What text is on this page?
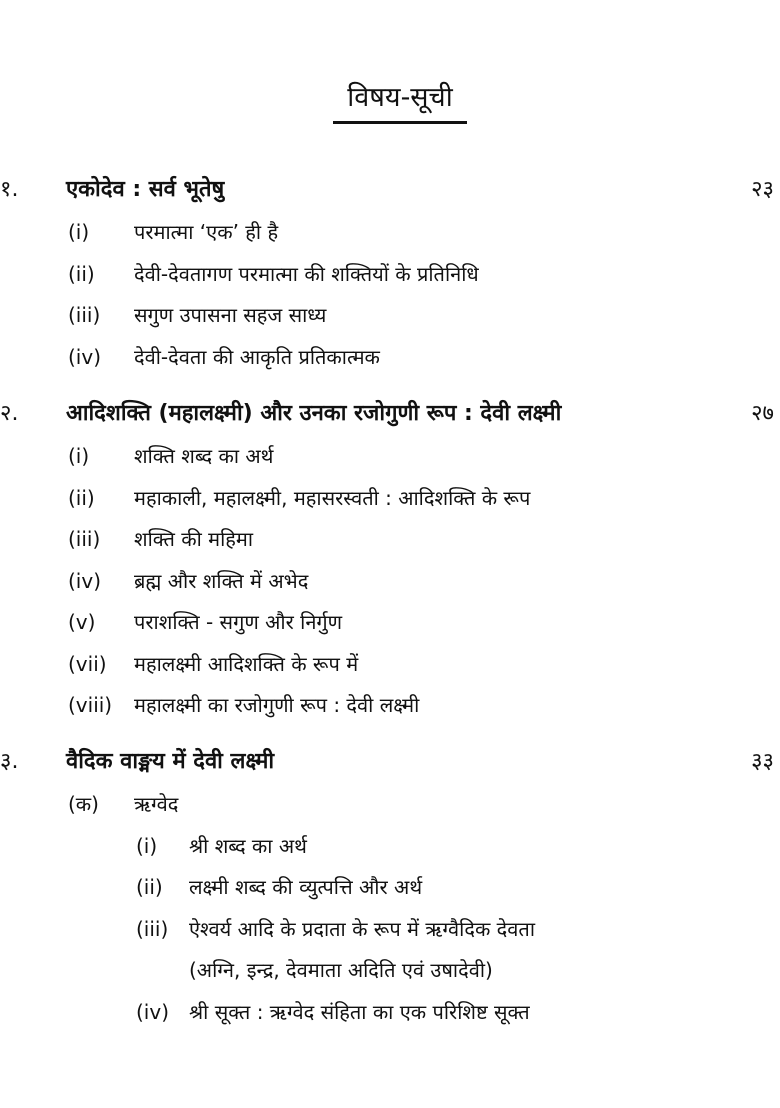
विषय-सूची
१. एकोदेव : सर्व भूतेषु	२३
(i) परमात्मा ‘एक’ ही है
(ii) देवी-देवतागण परमात्मा की शक्तियों के प्रतिनिधि
(iii) सगुण उपासना सहज साध्य
(iv) देवी-देवता की आकृति प्रतिकात्मक
२. आदिशक्ति (महालक्ष्मी) और उनका रजोगुणी रूप : देवी लक्ष्मी	२७
(i) शक्ति शब्द का अर्थ
(ii) महाकाली, महालक्ष्मी, महासरस्वती : आदिशक्ति के रूप
(iii) शक्ति की महिमा
(iv) ब्रह्म और शक्ति में अभेद
(v) पराशक्ति - सगुण और निर्गुण
(vii) महालक्ष्मी आदिशक्ति के रूप में
(viii) महालक्ष्मी का रजोगुणी रूप : देवी लक्ष्मी
३. वैदिक वाङ्मय में देवी लक्ष्मी	३३
(क) ऋग्वेद
(i) श्री शब्द का अर्थ
(ii) लक्ष्मी शब्द की व्युत्पत्ति और अर्थ
(iii) ऐश्वर्य आदि के प्रदाता के रूप में ऋग्वैदिक देवता
(अग्नि, इन्द्र, देवमाता अदिति एवं उषादेवी)
(iv) श्री सूक्त : ऋग्वेद संहिता का एक परिशिष्ट सूक्त
